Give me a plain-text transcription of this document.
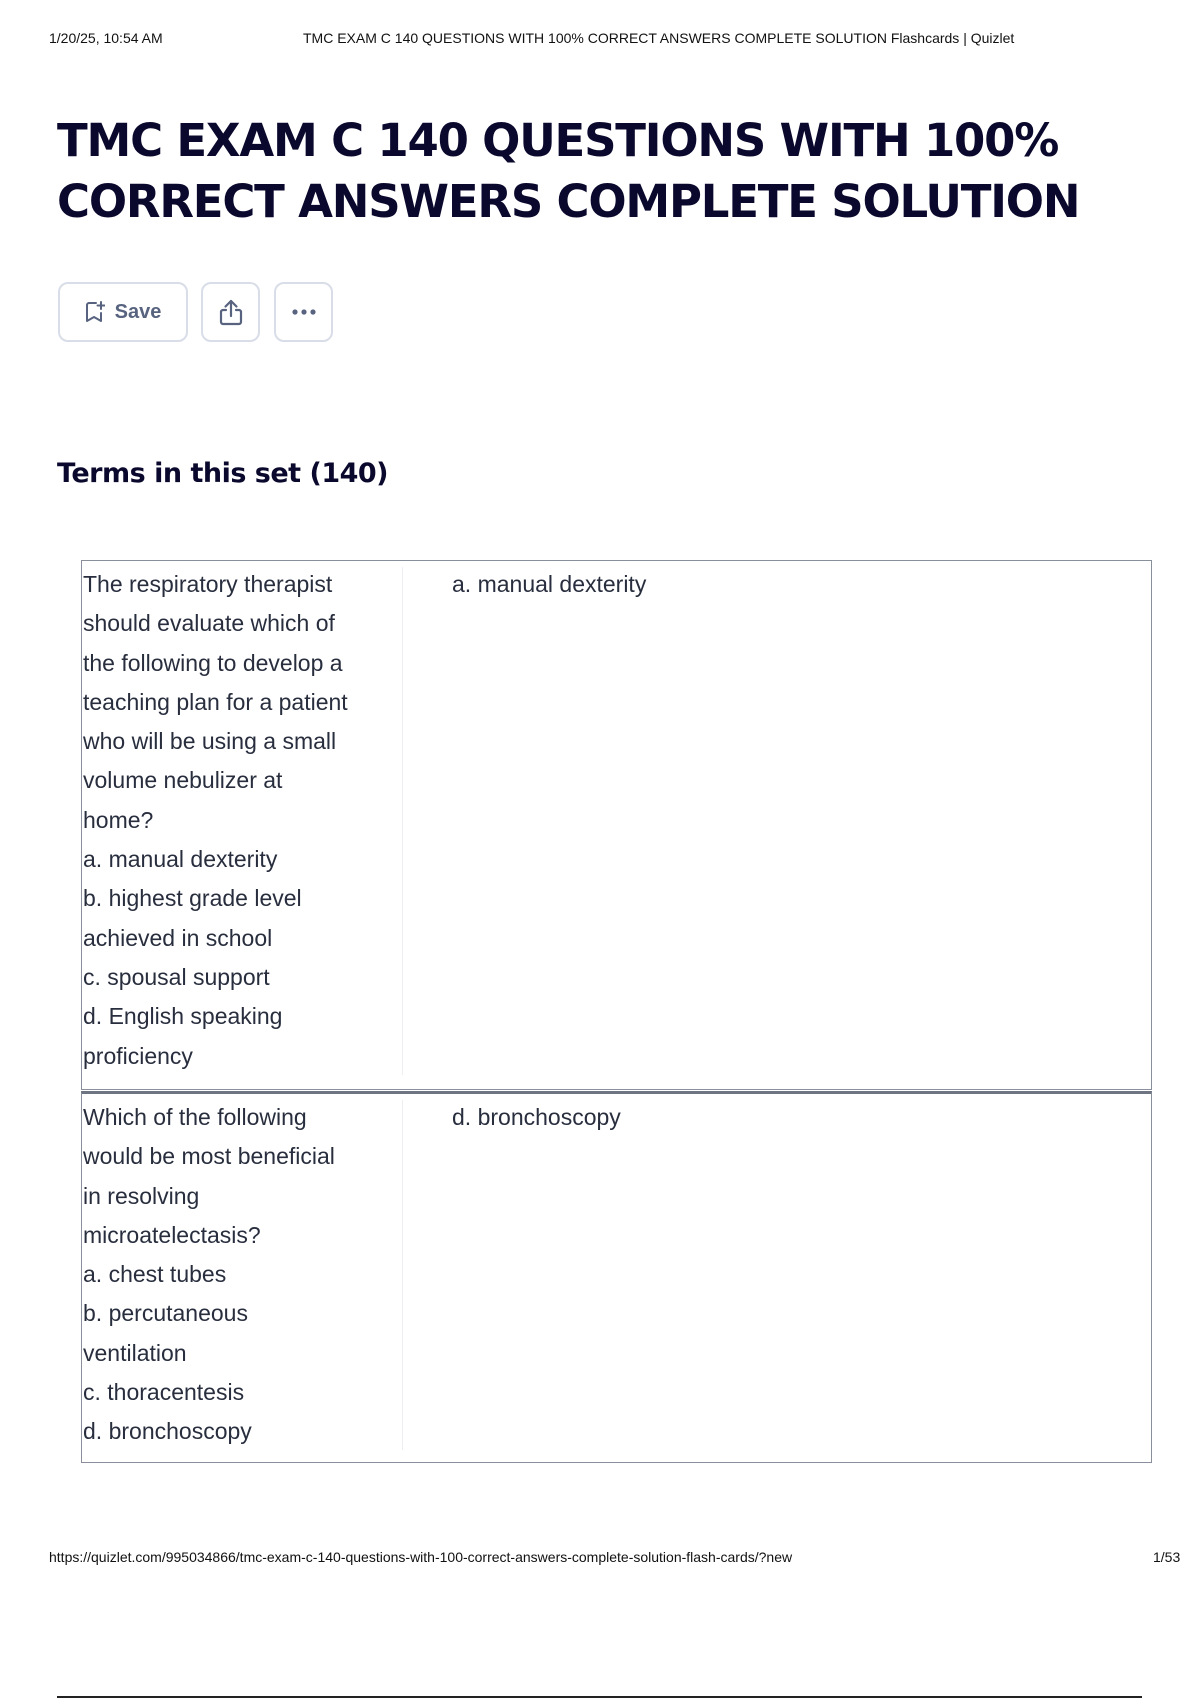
1/20/25, 10:54 AM	TMC EXAM C 140 QUESTIONS WITH 100% CORRECT ANSWERS COMPLETE SOLUTION Flashcards | Quizlet
TMC EXAM C 140 QUESTIONS WITH 100% CORRECT ANSWERS COMPLETE SOLUTION
Save
Terms in this set (140)
The respiratory therapist
should evaluate which of
the following to develop a
teaching plan for a patient
who will be using a small
volume nebulizer at
home?
a. manual dexterity
b. highest grade level
achieved in school
c. spousal support
d. English speaking
proficiency
a. manual dexterity
Which of the following
would be most beneficial
in resolving
microatelectasis?
a. chest tubes
b. percutaneous
ventilation
c. thoracentesis
d. bronchoscopy
d. bronchoscopy
https://quizlet.com/995034866/tmc-exam-c-140-questions-with-100-correct-answers-complete-solution-flash-cards/?new	1/53
